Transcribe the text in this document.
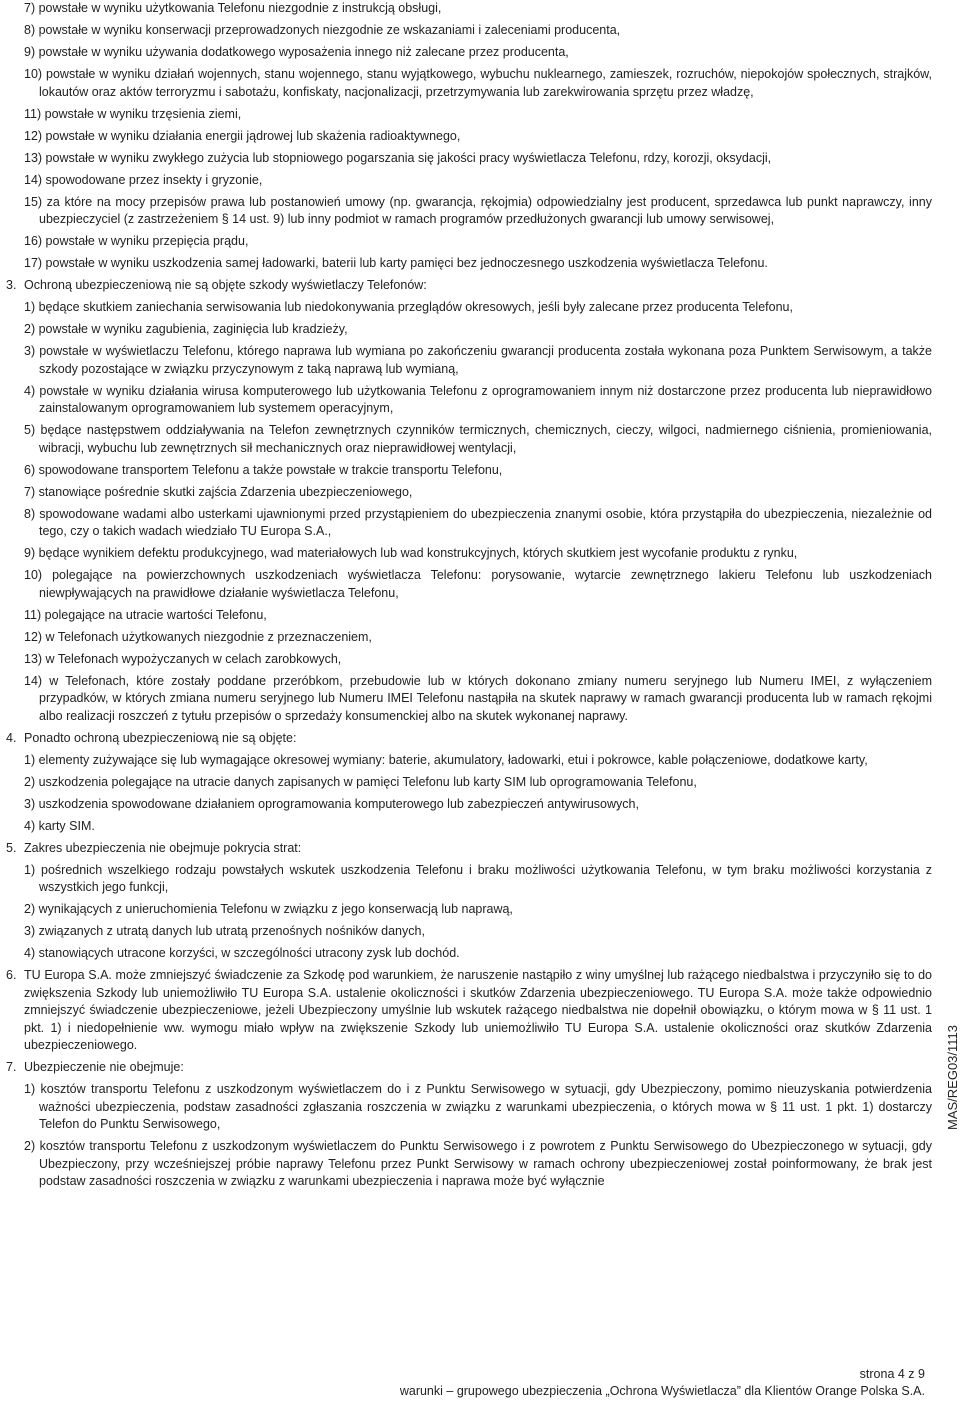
7) powstałe w wyniku użytkowania Telefonu niezgodnie z instrukcją obsługi,
8) powstałe w wyniku konserwacji przeprowadzonych niezgodnie ze wskazaniami i zaleceniami producenta,
9) powstałe w wyniku używania dodatkowego wyposażenia innego niż zalecane przez producenta,
10) powstałe w wyniku działań wojennych, stanu wojennego, stanu wyjątkowego, wybuchu nuklearnego, zamieszek, rozruchów, niepokojów społecznych, strajków, lokautów oraz aktów terroryzmu i sabotażu, konfiskaty, nacjonalizacji, przetrzymywania lub zarekwirowania sprzętu przez władzę,
11) powstałe w wyniku trzęsienia ziemi,
12) powstałe w wyniku działania energii jądrowej lub skażenia radioaktywnego,
13) powstałe w wyniku zwykłego zużycia lub stopniowego pogarszania się jakości pracy wyświetlacza Telefonu, rdzy, korozji, oksydacji,
14) spowodowane przez insekty i gryzonie,
15) za które na mocy przepisów prawa lub postanowień umowy (np. gwarancja, rękojmia) odpowiedzialny jest producent, sprzedawca lub punkt naprawczy, inny ubezpieczyciel (z zastrzeżeniem § 14 ust. 9) lub inny podmiot w ramach programów przedłużonych gwarancji lub umowy serwisowej,
16) powstałe w wyniku przepięcia prądu,
17) powstałe w wyniku uszkodzenia samej ładowarki, baterii lub karty pamięci bez jednoczesnego uszkodzenia wyświetlacza Telefonu.
3. Ochroną ubezpieczeniową nie są objęte szkody wyświetlaczy Telefonów:
1) będące skutkiem zaniechania serwisowania lub niedokonywania przeglądów okresowych, jeśli były zalecane przez producenta Telefonu,
2) powstałe w wyniku zagubienia, zaginięcia lub kradzieży,
3) powstałe w wyświetlaczu Telefonu, którego naprawa lub wymiana po zakończeniu gwarancji producenta została wykonana poza Punktem Serwisowym, a także szkody pozostające w związku przyczynowym z taką naprawą lub wymianą,
4) powstałe w wyniku działania wirusa komputerowego lub użytkowania Telefonu z oprogramowaniem innym niż dostarczone przez producenta lub nieprawidłowo zainstalowanym oprogramowaniem lub systemem operacyjnym,
5) będące następstwem oddziaływania na Telefon zewnętrznych czynników termicznych, chemicznych, cieczy, wilgoci, nadmiernego ciśnienia, promieniowania, wibracji, wybuchu lub zewnętrznych sił mechanicznych oraz nieprawidłowej wentylacji,
6) spowodowane transportem Telefonu a także powstałe w trakcie transportu Telefonu,
7) stanowiące pośrednie skutki zajścia Zdarzenia ubezpieczeniowego,
8) spowodowane wadami albo usterkami ujawnionymi przed przystąpieniem do ubezpieczenia znanymi osobie, która przystąpiła do ubezpieczenia, niezależnie od tego, czy o takich wadach wiedziało TU Europa S.A.,
9) będące wynikiem defektu produkcyjnego, wad materiałowych lub wad konstrukcyjnych, których skutkiem jest wycofanie produktu z rynku,
10) polegające na powierzchownych uszkodzeniach wyświetlacza Telefonu: porysowanie, wytarcie zewnętrznego lakieru Telefonu lub uszkodzeniach niewpływających na prawidłowe działanie wyświetlacza Telefonu,
11) polegające na utracie wartości Telefonu,
12) w Telefonach użytkowanych niezgodnie z przeznaczeniem,
13) w Telefonach wypożyczanych w celach zarobkowych,
14) w Telefonach, które zostały poddane przeróbkom, przebudowie lub w których dokonano zmiany numeru seryjnego lub Numeru IMEI, z wyłączeniem przypadków, w których zmiana numeru seryjnego lub Numeru IMEI Telefonu nastąpiła na skutek naprawy w ramach gwarancji producenta lub w ramach rękojmi albo realizacji roszczeń z tytułu przepisów o sprzedaży konsumenckiej albo na skutek wykonanej naprawy.
4. Ponadto ochroną ubezpieczeniową nie są objęte:
1) elementy zużywające się lub wymagające okresowej wymiany: baterie, akumulatory, ładowarki, etui i pokrowce, kable połączeniowe, dodatkowe karty,
2) uszkodzenia polegające na utracie danych zapisanych w pamięci Telefonu lub karty SIM lub oprogramowania Telefonu,
3) uszkodzenia spowodowane działaniem oprogramowania komputerowego lub zabezpieczeń antywirusowych,
4) karty SIM.
5. Zakres ubezpieczenia nie obejmuje pokrycia strat:
1) pośrednich wszelkiego rodzaju powstałych wskutek uszkodzenia Telefonu i braku możliwości użytkowania Telefonu, w tym braku możliwości korzystania z wszystkich jego funkcji,
2) wynikających z unieruchomienia Telefonu w związku z jego konserwacją lub naprawą,
3) związanych z utratą danych lub utratą przenośnych nośników danych,
4) stanowiących utracone korzyści, w szczególności utracony zysk lub dochód.
6. TU Europa S.A. może zmniejszyć świadczenie za Szkodę pod warunkiem, że naruszenie nastąpiło z winy umyślnej lub rażącego niedbalstwa i przyczyniło się to do zwiększenia Szkody lub uniemożliwiło TU Europa S.A. ustalenie okoliczności i skutków Zdarzenia ubezpieczeniowego. TU Europa S.A. może także odpowiednio zmniejszyć świadczenie ubezpieczeniowe, jeżeli Ubezpieczony umyślnie lub wskutek rażącego niedbalstwa nie dopełnił obowiązku, o którym mowa w § 11 ust. 1 pkt. 1) i niedopełnienie ww. wymogu miało wpływ na zwiększenie Szkody lub uniemożliwiło TU Europa S.A. ustalenie okoliczności oraz skutków Zdarzenia ubezpieczeniowego.
7. Ubezpieczenie nie obejmuje:
1) kosztów transportu Telefonu z uszkodzonym wyświetlaczem do i z Punktu Serwisowego w sytuacji, gdy Ubezpieczony, pomimo nieuzyskania potwierdzenia ważności ubezpieczenia, podstaw zasadności zgłaszania roszczenia w związku z warunkami ubezpieczenia, o których mowa w § 11 ust. 1 pkt. 1) dostarczy Telefon do Punktu Serwisowego,
2) kosztów transportu Telefonu z uszkodzonym wyświetlaczem do Punktu Serwisowego i z powrotem z Punktu Serwisowego do Ubezpieczonego w sytuacji, gdy Ubezpieczony, przy wcześniejszej próbie naprawy Telefonu przez Punkt Serwisowy w ramach ochrony ubezpieczeniowej został poinformowany, że brak jest podstaw zasadności roszczenia w związku z warunkami ubezpieczenia i naprawa może być wyłącznie
MAS/REG03/1113
strona 4 z 9
warunki – grupowego ubezpieczenia „Ochrona Wyświetlacza” dla Klientów Orange Polska S.A.
